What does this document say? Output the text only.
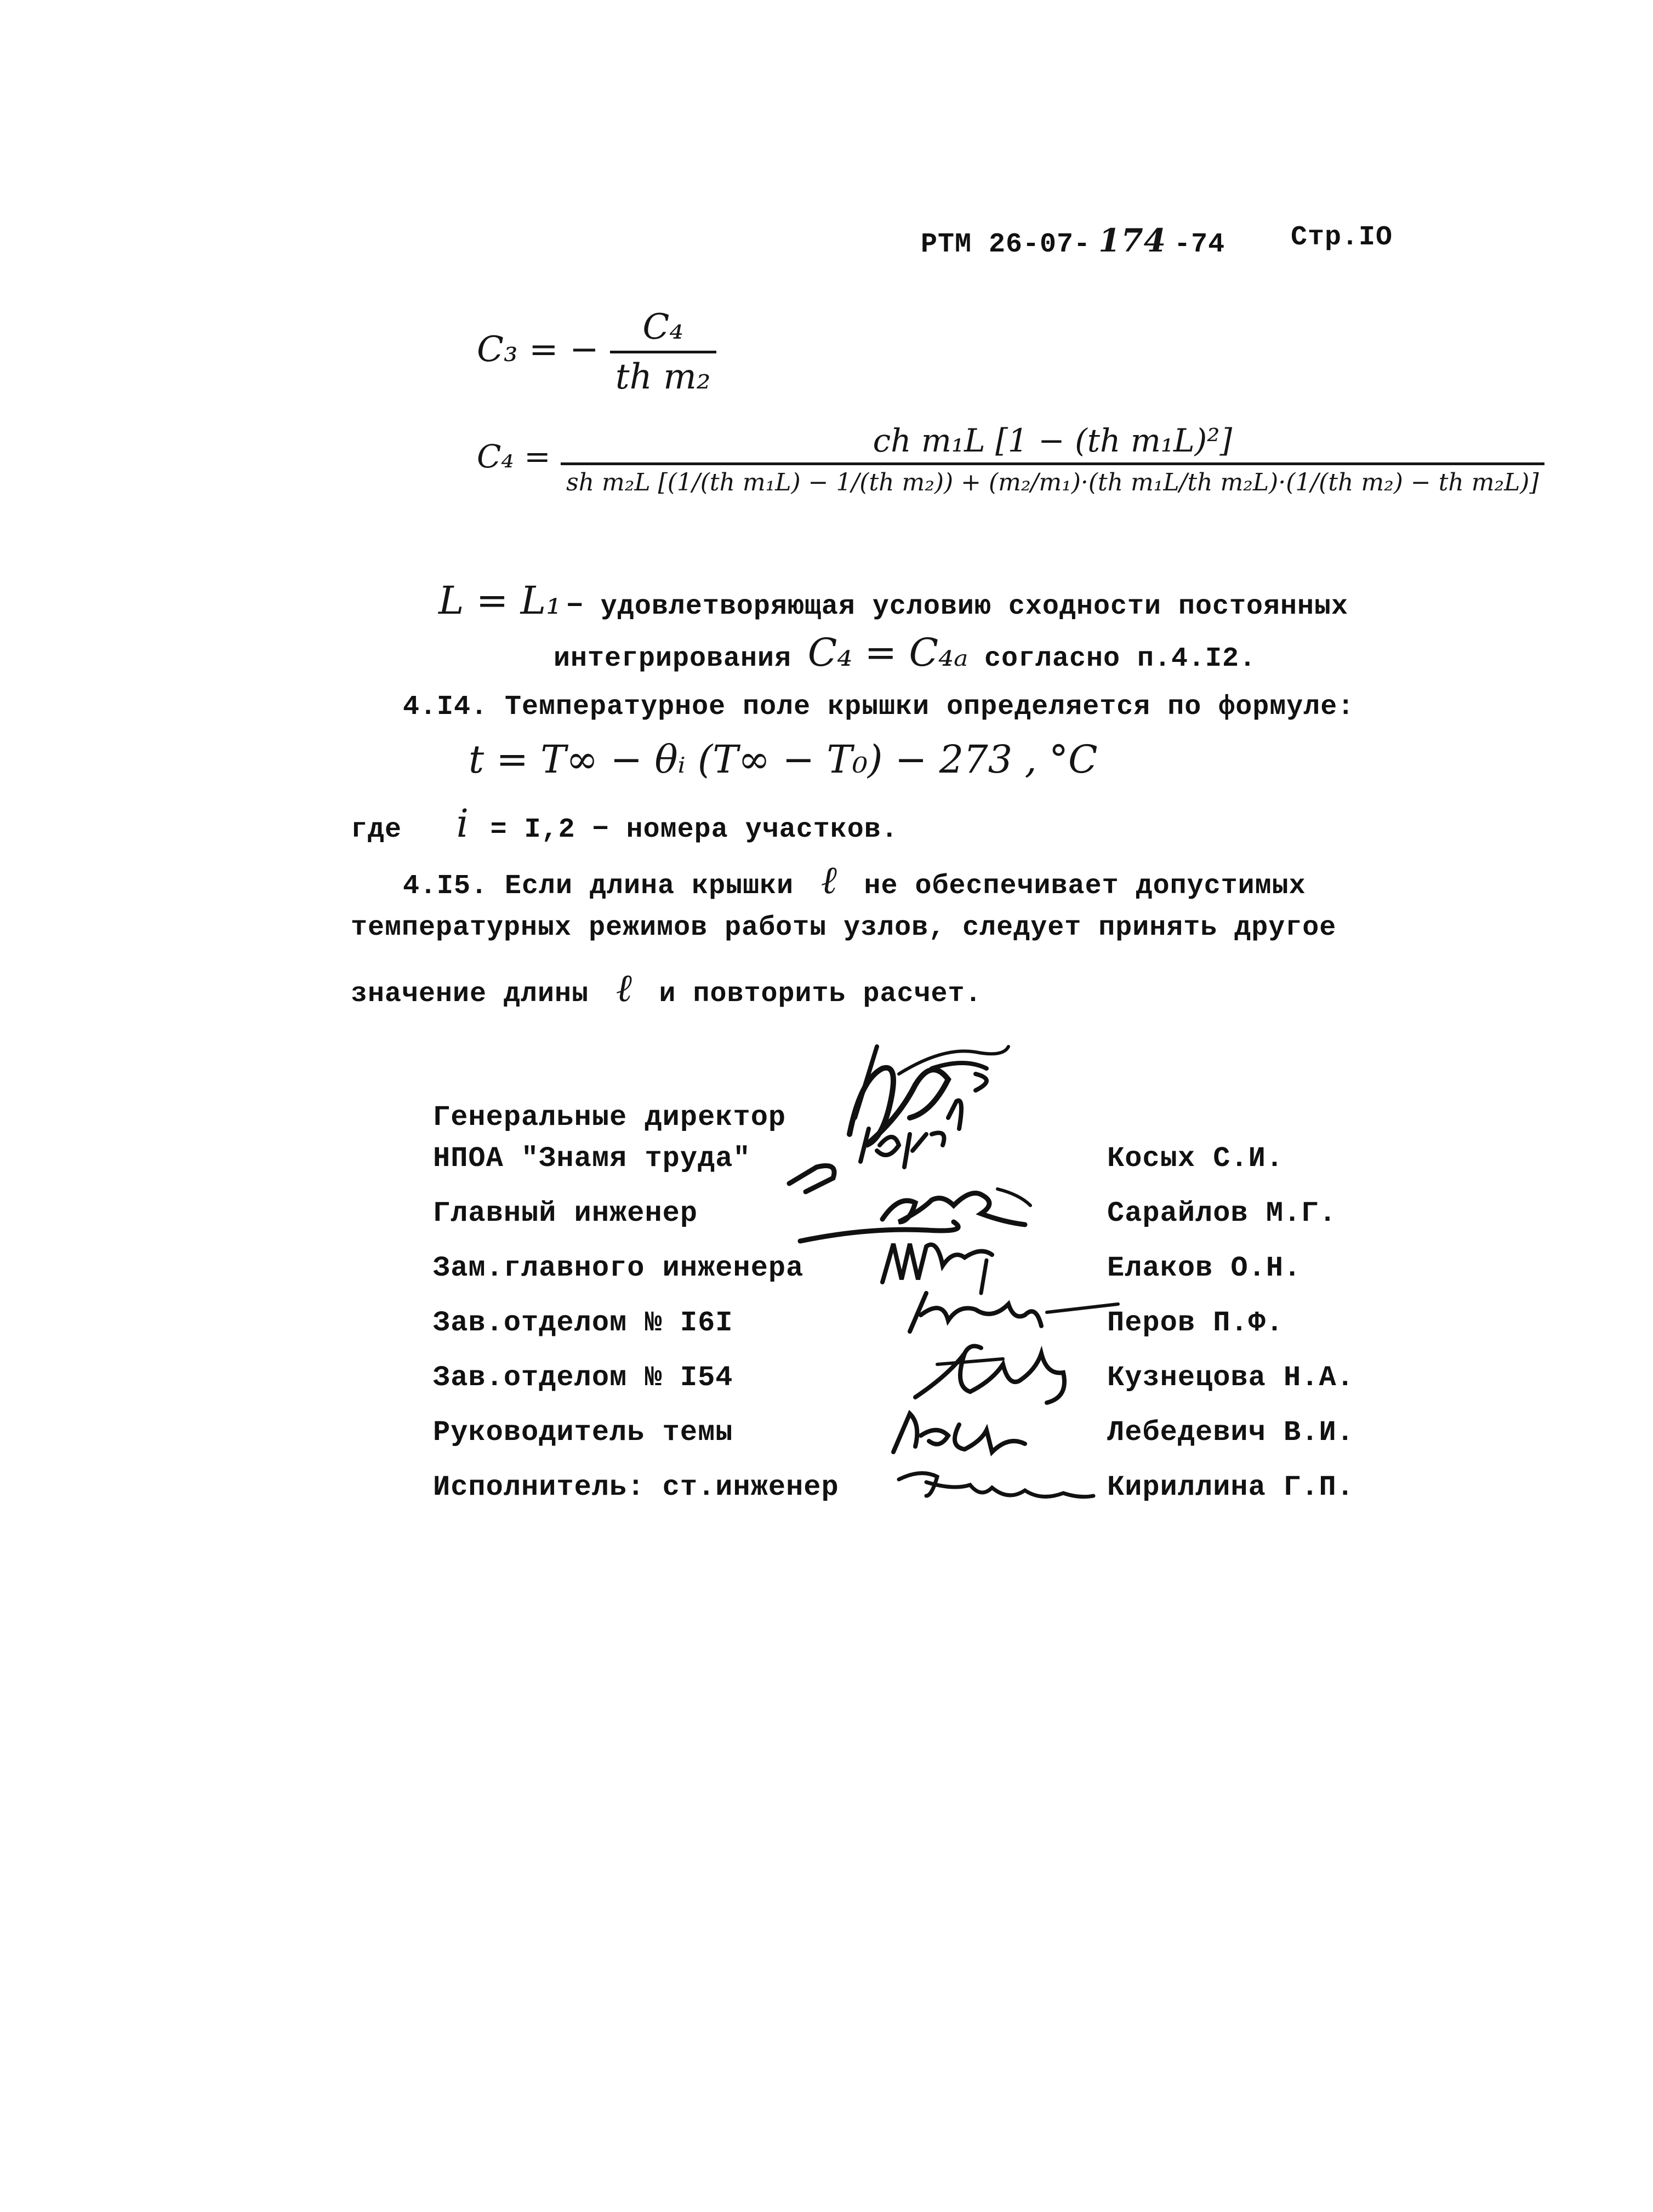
РТМ 26-07- 174 -74 Стр.IO
C₃ = − $\frac{\text{C₄}}{\text{th m₂}}$
C₄ =	ch m₁L [1 − (th m₁L)²]
sh m₂L [(1/(th m₁L) − 1/(th m₂)) + (m₂/m₁)·(th m₁L/th m₂L)·(1/(th m₂) − th m₂L)]
L = L₁ − удовлетворяющая условию сходности постоянных
интегрирования C₄ = C₄ₐ согласно п.4.I2.
4.I4. Температурное поле крышки определяется по формуле:
t = T∞ − θᵢ (T∞ − T₀) − 273 , °C
где i = I,2 − номера участков.
4.I5. Если длина крышки ℓ не обеспечивает допустимых
температурных режимов работы узлов, следует принять другое
значение длины ℓ и повторить расчет.
Генеральные директор
НПОА "Знамя труда"	Косых С.И.
Главный инженер	Сарайлов М.Г.
Зам.главного инженера	Елаков О.Н.
Зав.отделом № I6I	Перов П.Ф.
Зав.отделом № I54	Кузнецова Н.А.
Руководитель темы	Лебедевич В.И.
Исполнитель: ст.инженер	Кириллина Г.П.
